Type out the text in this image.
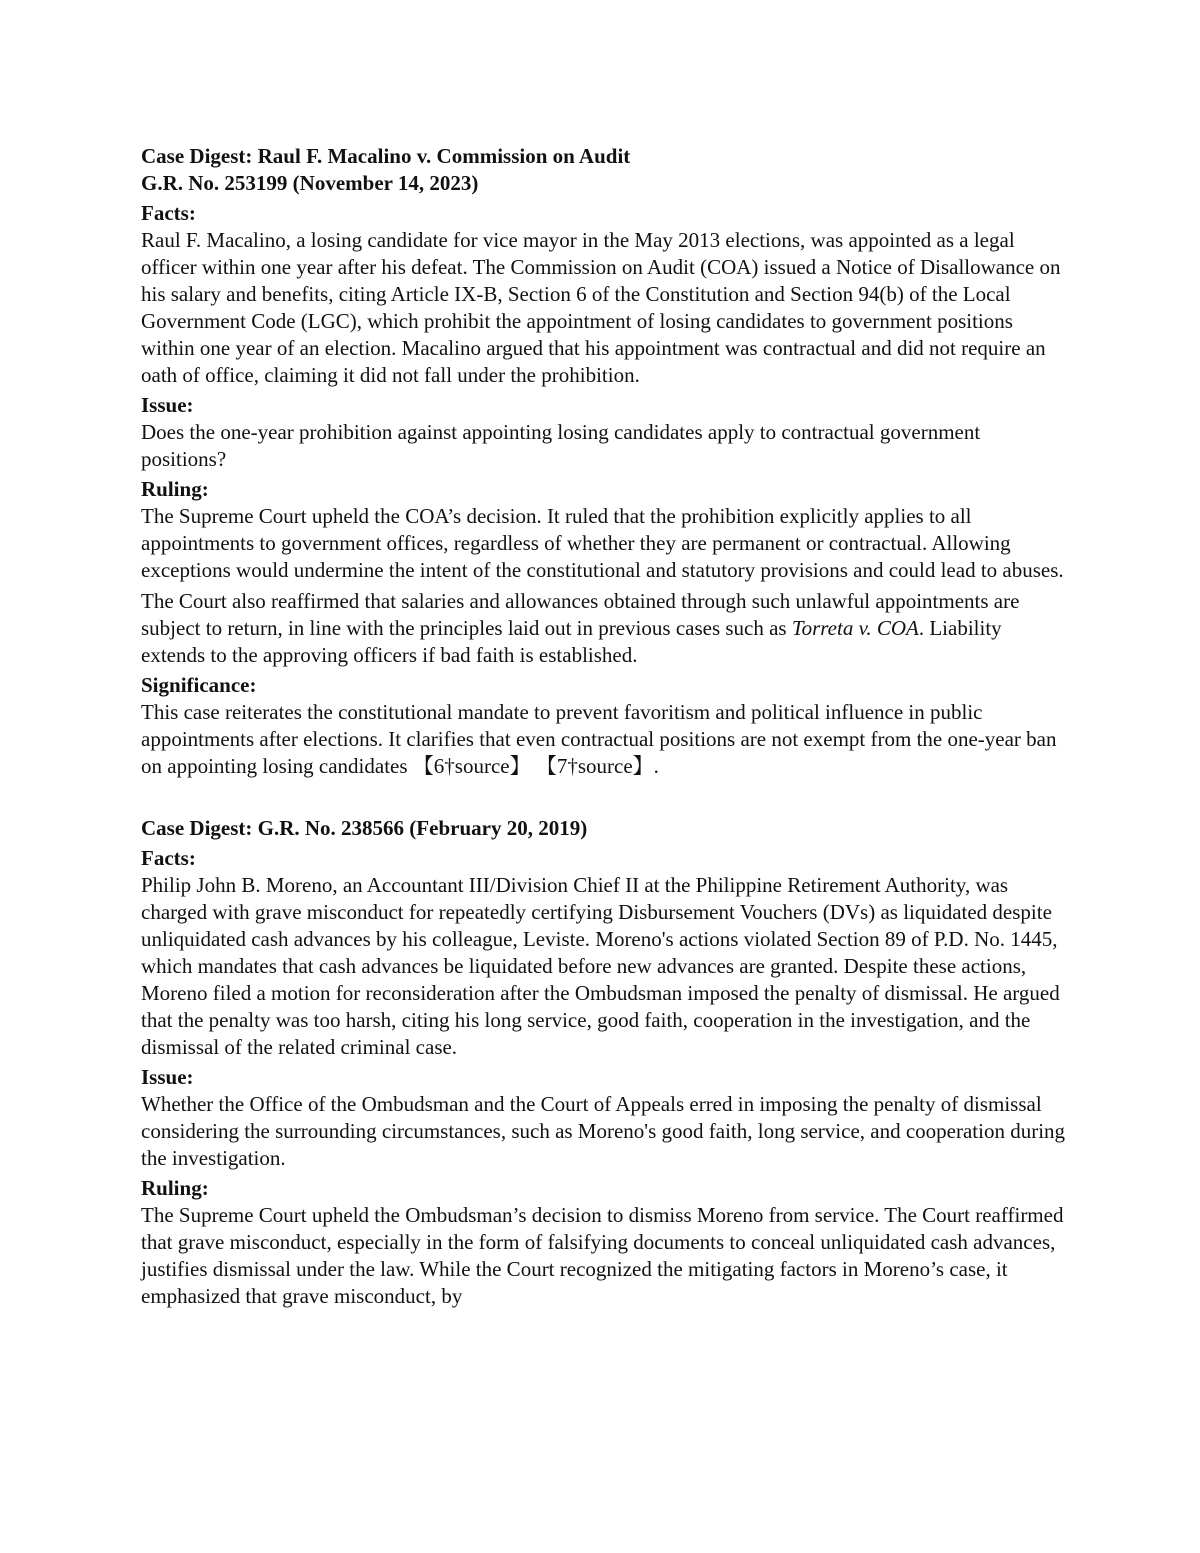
Case Digest: Raul F. Macalino v. Commission on Audit

G.R. No. 253199 (November 14, 2023)

Facts:

Raul F. Macalino, a losing candidate for vice mayor in the May 2013 elections, was appointed as a legal officer within one year after his defeat. The Commission on Audit (COA) issued a Notice of Disallowance on his salary and benefits, citing Article IX-B, Section 6 of the Constitution and Section 94(b) of the Local Government Code (LGC), which prohibit the appointment of losing candidates to government positions within one year of an election. Macalino argued that his appointment was contractual and did not require an oath of office, claiming it did not fall under the prohibition.

Issue:

Does the one-year prohibition against appointing losing candidates apply to contractual government positions?

Ruling:

The Supreme Court upheld the COA’s decision. It ruled that the prohibition explicitly applies to all appointments to government offices, regardless of whether they are permanent or contractual. Allowing exceptions would undermine the intent of the constitutional and statutory provisions and could lead to abuses.

The Court also reaffirmed that salaries and allowances obtained through such unlawful appointments are subject to return, in line with the principles laid out in previous cases such as Torreta v. COA. Liability extends to the approving officers if bad faith is established.

Significance:

This case reiterates the constitutional mandate to prevent favoritism and political influence in public appointments after elections. It clarifies that even contractual positions are not exempt from the one-year ban on appointing losing candidates 【6†source】 【7†source】.

Case Digest: G.R. No. 238566 (February 20, 2019)

Facts:

Philip John B. Moreno, an Accountant III/Division Chief II at the Philippine Retirement Authority, was charged with grave misconduct for repeatedly certifying Disbursement Vouchers (DVs) as liquidated despite unliquidated cash advances by his colleague, Leviste. Moreno's actions violated Section 89 of P.D. No. 1445, which mandates that cash advances be liquidated before new advances are granted. Despite these actions, Moreno filed a motion for reconsideration after the Ombudsman imposed the penalty of dismissal. He argued that the penalty was too harsh, citing his long service, good faith, cooperation in the investigation, and the dismissal of the related criminal case.

Issue:

Whether the Office of the Ombudsman and the Court of Appeals erred in imposing the penalty of dismissal considering the surrounding circumstances, such as Moreno's good faith, long service, and cooperation during the investigation.

Ruling:

The Supreme Court upheld the Ombudsman’s decision to dismiss Moreno from service. The Court reaffirmed that grave misconduct, especially in the form of falsifying documents to conceal unliquidated cash advances, justifies dismissal under the law. While the Court recognized the mitigating factors in Moreno’s case, it emphasized that grave misconduct, by
